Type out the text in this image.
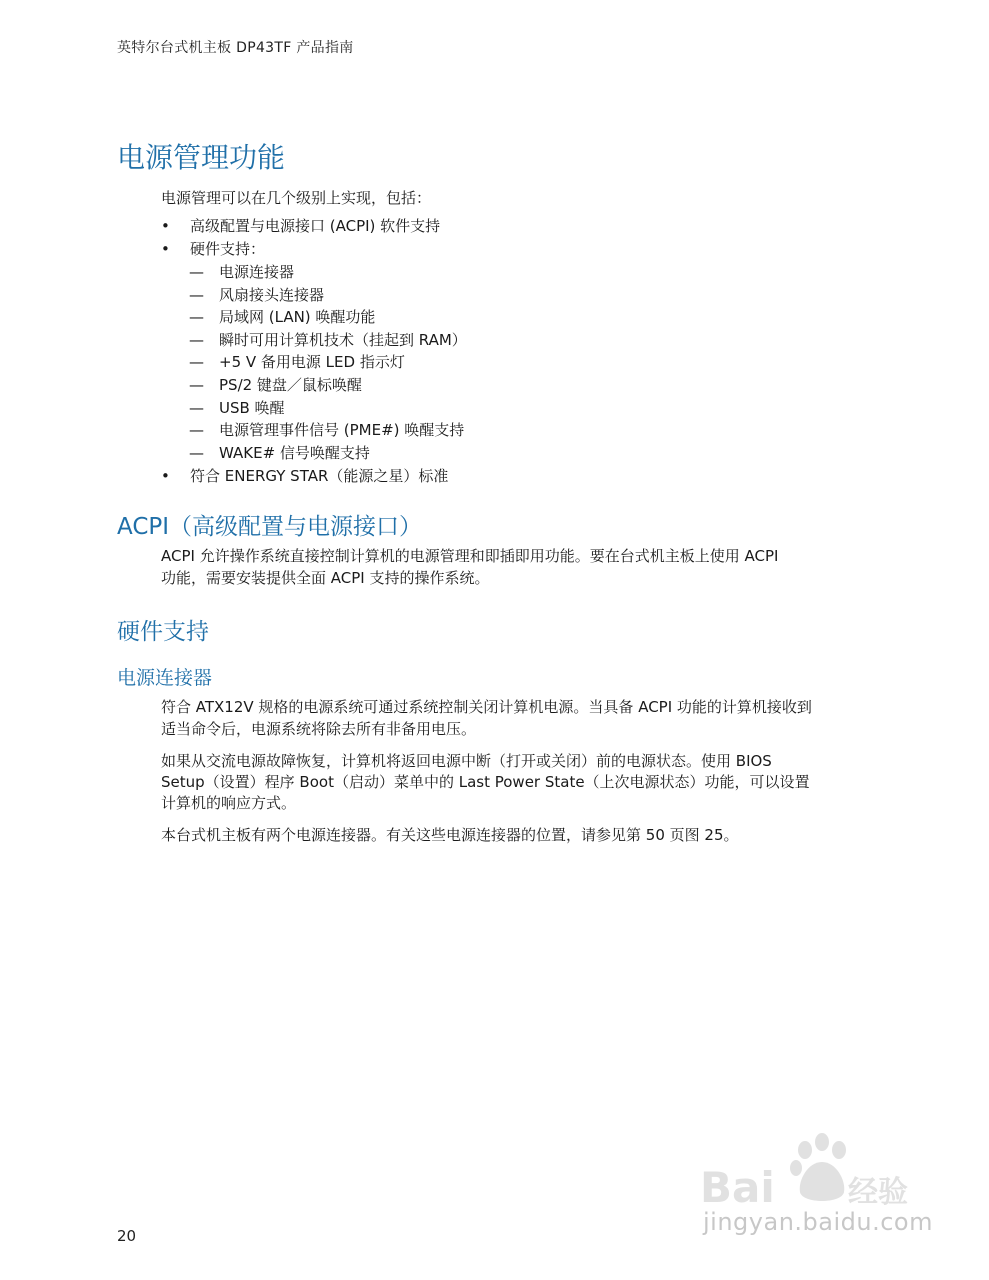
英特尔台式机主板 DP43TF 产品指南
电源管理功能

电源管理可以在几个级别上实现，包括：

•	高级配置与电源接口 (ACPI) 软件支持
•	硬件支持：
— 电源连接器
— 风扇接头连接器
— 局域网 (LAN) 唤醒功能
— 瞬时可用计算机技术（挂起到 RAM）
— +5 V 备用电源 LED 指示灯
— PS/2 键盘／鼠标唤醒
— USB 唤醒
— 电源管理事件信号 (PME#) 唤醒支持
— WAKE# 信号唤醒支持
•	符合 ENERGY STAR（能源之星）标准
ACPI（高级配置与电源接口）

ACPI 允许操作系统直接控制计算机的电源管理和即插即用功能。要在台式机主板上使用 ACPI

功能，需要安装提供全面 ACPI 支持的操作系统。

硬件支持
电源连接器

符合 ATX12V 规格的电源系统可通过系统控制关闭计算机电源。当具备 ACPI 功能的计算机接收到

适当命令后，电源系统将除去所有非备用电压。

如果从交流电源故障恢复，计算机将返回电源中断（打开或关闭）前的电源状态。使用 BIOS

Setup（设置）程序 Boot（启动）菜单中的 Last Power State（上次电源状态）功能，可以设置

计算机的响应方式。

本台式机主板有两个电源连接器。有关这些电源连接器的位置，请参见第 50 页图 25。

20
Bai 经验
jingyan.baidu.com
